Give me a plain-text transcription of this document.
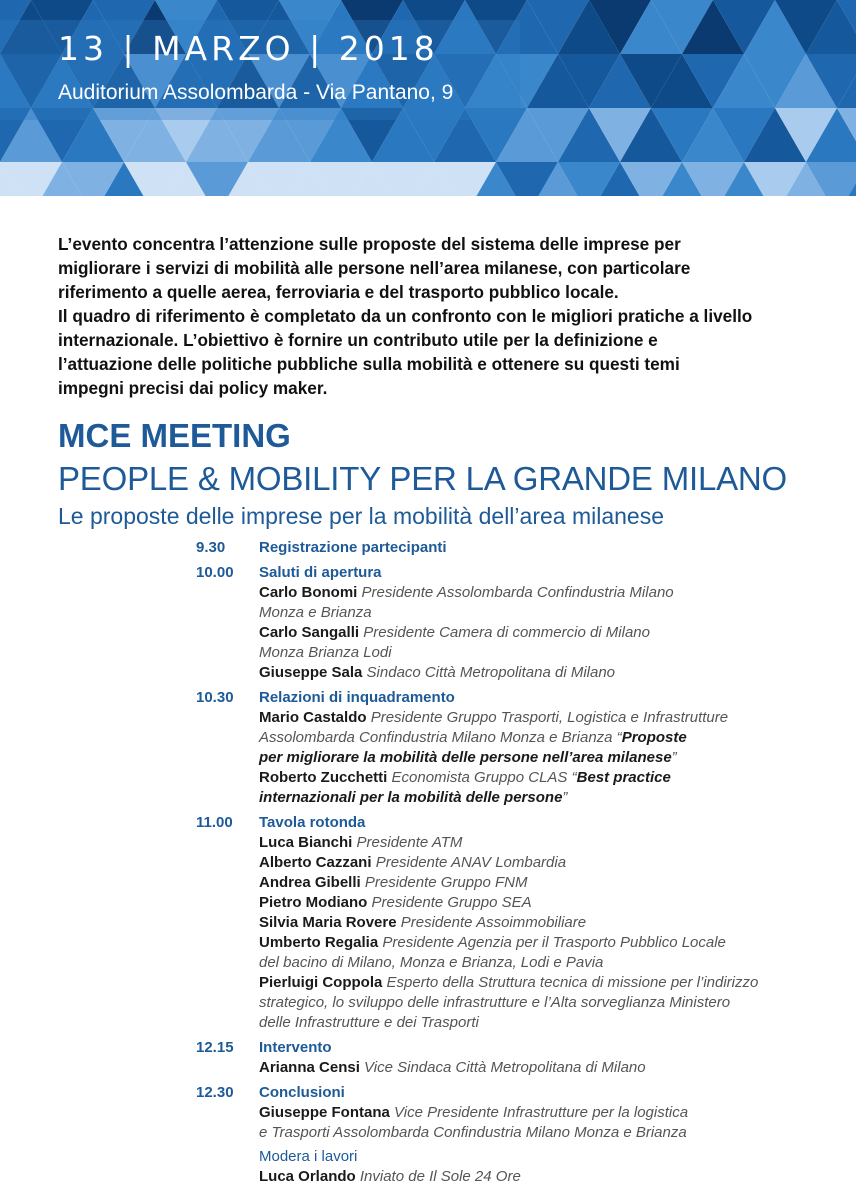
13 | MARZO | 2018
Auditorium Assolombarda - Via Pantano, 9
L’evento concentra l’attenzione sulle proposte del sistema delle imprese per
migliorare i servizi di mobilità alle persone nell’area milanese, con particolare
riferimento a quelle aerea, ferroviaria e del trasporto pubblico locale.
Il quadro di riferimento è completato da un confronto con le migliori pratiche a livello
internazionale. L’obiettivo è fornire un contributo utile per la definizione e
l’attuazione delle politiche pubbliche sulla mobilità e ottenere su questi temi
impegni precisi dai policy maker.
MCE MEETING
PEOPLE & MOBILITY PER LA GRANDE MILANO
Le proposte delle imprese per la mobilità dell’area milanese
9.30	Registrazione partecipanti
10.00	Saluti di apertura
Carlo Bonomi Presidente Assolombarda Confindustria Milano
Monza e Brianza
Carlo Sangalli Presidente Camera di commercio di Milano
Monza Brianza Lodi
Giuseppe Sala Sindaco Città Metropolitana di Milano
10.30	Relazioni di inquadramento
Mario Castaldo Presidente Gruppo Trasporti, Logistica e Infrastrutture
Assolombarda Confindustria Milano Monza e Brianza “Proposte
per migliorare la mobilità delle persone nell’area milanese”
Roberto Zucchetti Economista Gruppo CLAS “Best practice
internazionali per la mobilità delle persone”
11.00	Tavola rotonda
Luca Bianchi Presidente ATM
Alberto Cazzani Presidente ANAV Lombardia
Andrea Gibelli Presidente Gruppo FNM
Pietro Modiano Presidente Gruppo SEA
Silvia Maria Rovere Presidente Assoimmobiliare
Umberto Regalia Presidente Agenzia per il Trasporto Pubblico Locale
del bacino di Milano, Monza e Brianza, Lodi e Pavia
Pierluigi Coppola Esperto della Struttura tecnica di missione per l’indirizzo
strategico, lo sviluppo delle infrastrutture e l’Alta sorveglianza Ministero
delle Infrastrutture e dei Trasporti
12.15	Intervento
Arianna Censi Vice Sindaca Città Metropolitana di Milano
12.30	Conclusioni
Giuseppe Fontana Vice Presidente Infrastrutture per la logistica
e Trasporti Assolombarda Confindustria Milano Monza e Brianza
Modera i lavori
Luca Orlando Inviato de Il Sole 24 Ore
